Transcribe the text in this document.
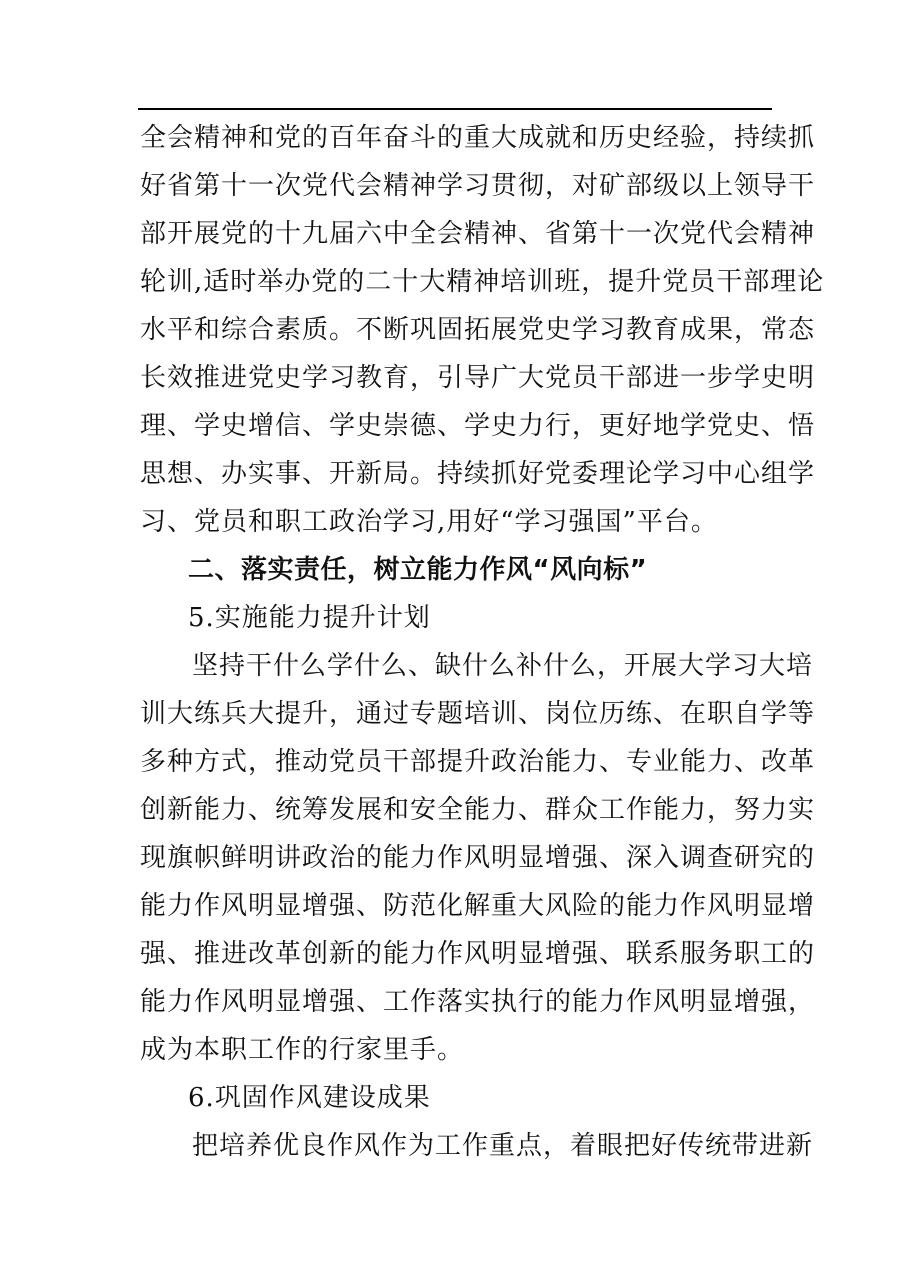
全会精神和党的百年奋斗的重大成就和历史经验，持续抓
好省第十一次党代会精神学习贯彻，对矿部级以上领导干
部开展党的十九届六中全会精神、省第十一次党代会精神
轮训,适时举办党的二十大精神培训班，提升党员干部理论
水平和综合素质。不断巩固拓展党史学习教育成果，常态
长效推进党史学习教育，引导广大党员干部进一步学史明
理、学史增信、学史崇德、学史力行，更好地学党史、悟
思想、办实事、开新局。持续抓好党委理论学习中心组学
习、党员和职工政治学习,用好“学习强国”平台。
二、落实责任，树立能力作风“风向标”
5.实施能力提升计划
坚持干什么学什么、缺什么补什么，开展大学习大培
训大练兵大提升，通过专题培训、岗位历练、在职自学等
多种方式，推动党员干部提升政治能力、专业能力、改革
创新能力、统筹发展和安全能力、群众工作能力，努力实
现旗帜鲜明讲政治的能力作风明显增强、深入调查研究的
能力作风明显增强、防范化解重大风险的能力作风明显增
强、推进改革创新的能力作风明显增强、联系服务职工的
能力作风明显增强、工作落实执行的能力作风明显增强，
成为本职工作的行家里手。
6.巩固作风建设成果
把培养优良作风作为工作重点，着眼把好传统带进新
